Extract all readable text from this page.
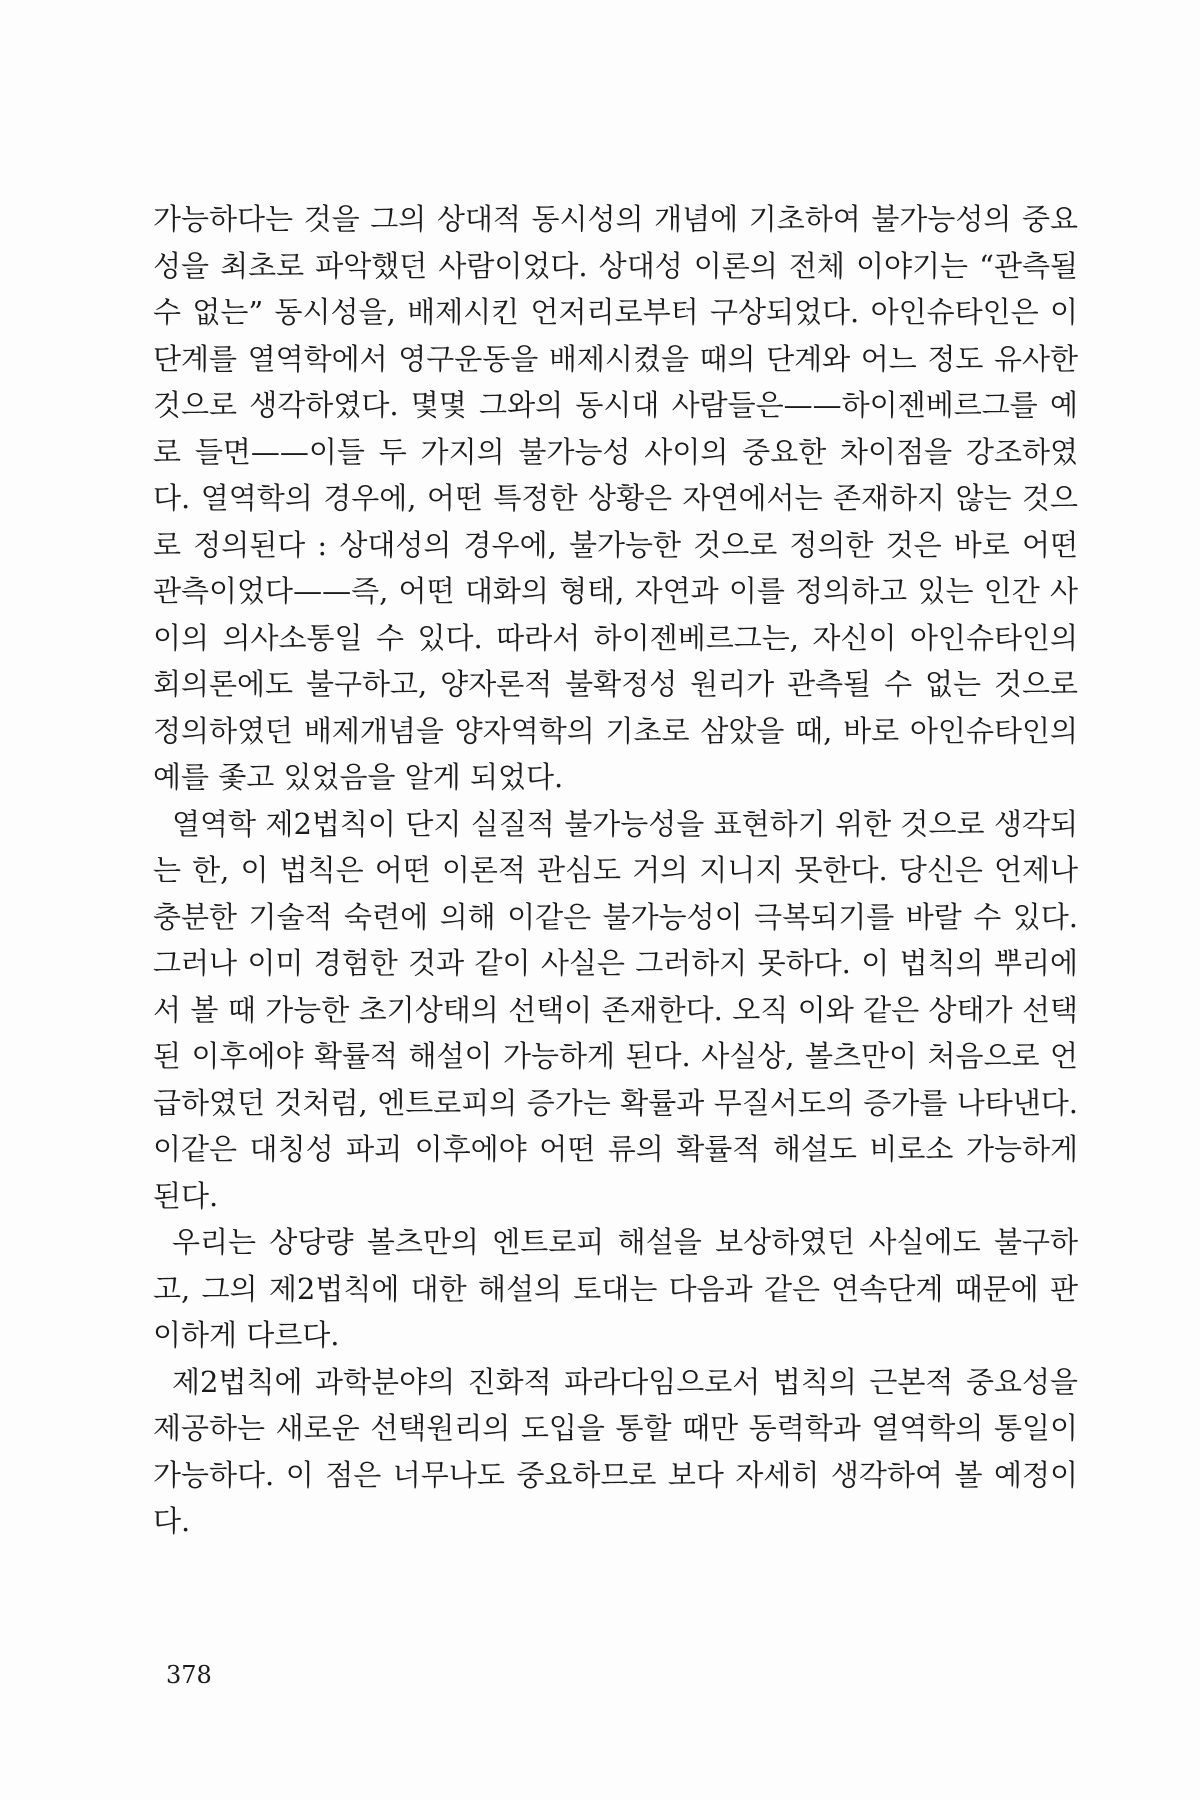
가능하다는 것을 그의 상대적 동시성의 개념에 기초하여 불가능성의 중요성을 최초로 파악했던 사람이었다. 상대성 이론의 전체 이야기는 “관측될 수 없는” 동시성을, 배제시킨 언저리로부터 구상되었다. 아인슈타인은 이단계를 열역학에서 영구운동을 배제시켰을 때의 단계와 어느 정도 유사한 것으로 생각하였다. 몇몇 그와의 동시대 사람들은——하이젠베르그를 예로 들면——이들 두 가지의 불가능성 사이의 중요한 차이점을 강조하였다. 열역학의 경우에, 어떤 특정한 상황은 자연에서는 존재하지 않는 것으로 정의된다 : 상대성의 경우에, 불가능한 것으로 정의한 것은 바로 어떤 관측이었다——즉, 어떤 대화의 형태, 자연과 이를 정의하고 있는 인간 사이의 의사소통일 수 있다. 따라서 하이젠베르그는, 자신이 아인슈타인의 회의론에도 불구하고, 양자론적 불확정성 원리가 관측될 수 없는 것으로 정의하였던 배제개념을 양자역학의 기초로 삼았을 때, 바로 아인슈타인의 예를 좇고 있었음을 알게 되었다.

열역학 제2법칙이 단지 실질적 불가능성을 표현하기 위한 것으로 생각되는 한, 이 법칙은 어떤 이론적 관심도 거의 지니지 못한다. 당신은 언제나 충분한 기술적 숙련에 의해 이같은 불가능성이 극복되기를 바랄 수 있다. 그러나 이미 경험한 것과 같이 사실은 그러하지 못하다. 이 법칙의 뿌리에서 볼 때 가능한 초기상태의 선택이 존재한다. 오직 이와 같은 상태가 선택된 이후에야 확률적 해설이 가능하게 된다. 사실상, 볼츠만이 처음으로 언급하였던 것처럼, 엔트로피의 증가는 확률과 무질서도의 증가를 나타낸다. 이같은 대칭성 파괴 이후에야 어떤 류의 확률적 해설도 비로소 가능하게 된다.

우리는 상당량 볼츠만의 엔트로피 해설을 보상하였던 사실에도 불구하고, 그의 제2법칙에 대한 해설의 토대는 다음과 같은 연속단계 때문에 판이하게 다르다.

제2법칙에 과학분야의 진화적 파라다임으로서 법칙의 근본적 중요성을 제공하는 새로운 선택원리의 도입을 통할 때만 동력학과 열역학의 통일이 가능하다. 이 점은 너무나도 중요하므로 보다 자세히 생각하여 볼 예정이다.

378
